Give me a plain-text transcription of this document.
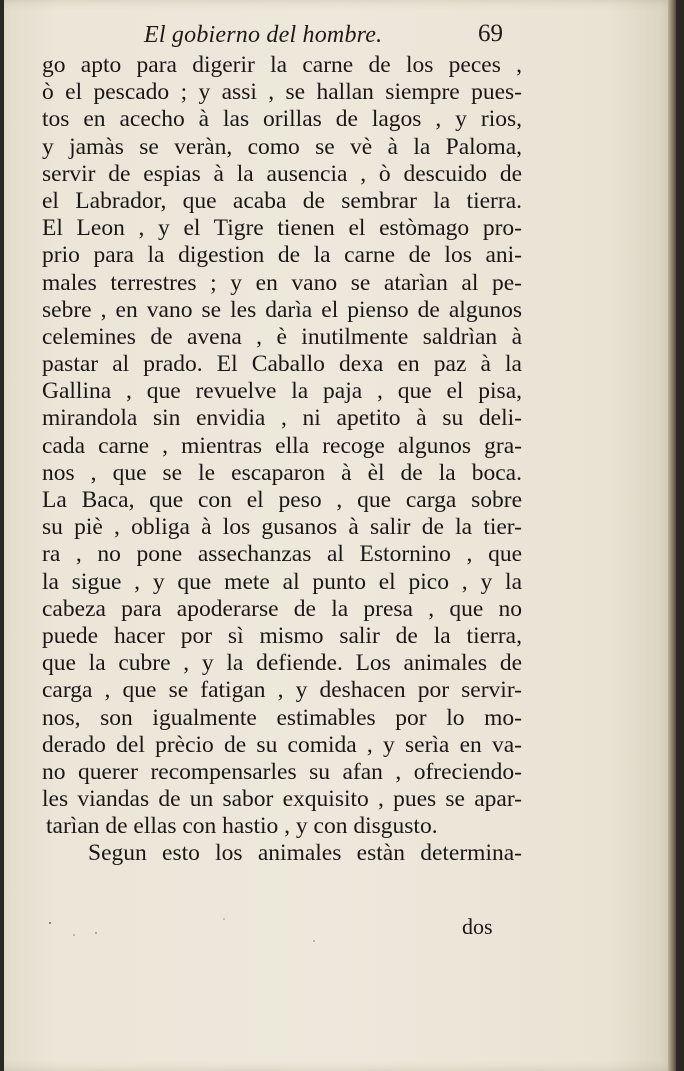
El gobierno del hombre.	69
go apto para digerir la carne de los peces ,
ò el pescado ; y assi , se hallan siempre pues-
tos en acecho à las orillas de lagos , y rios,
y jamàs se veràn, como se vè à la Paloma,
servir de espias à la ausencia , ò descuido de
el Labrador, que acaba de sembrar la tierra.
El Leon , y el Tigre tienen el estòmago pro-
prio para la digestion de la carne de los ani-
males terrestres ; y en vano se atarìan al pe-
sebre , en vano se les darìa el pienso de algunos
celemines de avena , è inutilmente saldrìan à
pastar al prado. El Caballo dexa en paz à la
Gallina , que revuelve la paja , que el pisa,
mirandola sin envidia , ni apetito à su deli-
cada carne , mientras ella recoge algunos gra-
nos , que se le escaparon à èl de la boca.
La Baca, que con el peso , que carga sobre
su piè , obliga à los gusanos à salir de la tier-
ra , no pone assechanzas al Estornino , que
la sigue , y que mete al punto el pico , y la
cabeza para apoderarse de la presa , que no
puede hacer por sì mismo salir de la tierra,
que la cubre , y la defiende. Los animales de
carga , que se fatigan , y deshacen por servir-
nos, son igualmente estimables por lo mo-
derado del prècio de su comida , y serìa en va-
no querer recompensarles su afan , ofreciendo-
les viandas de un sabor exquisito , pues se apar-
tarìan de ellas con hastio , y con disgusto.
Segun esto los animales estàn determina-
dos
